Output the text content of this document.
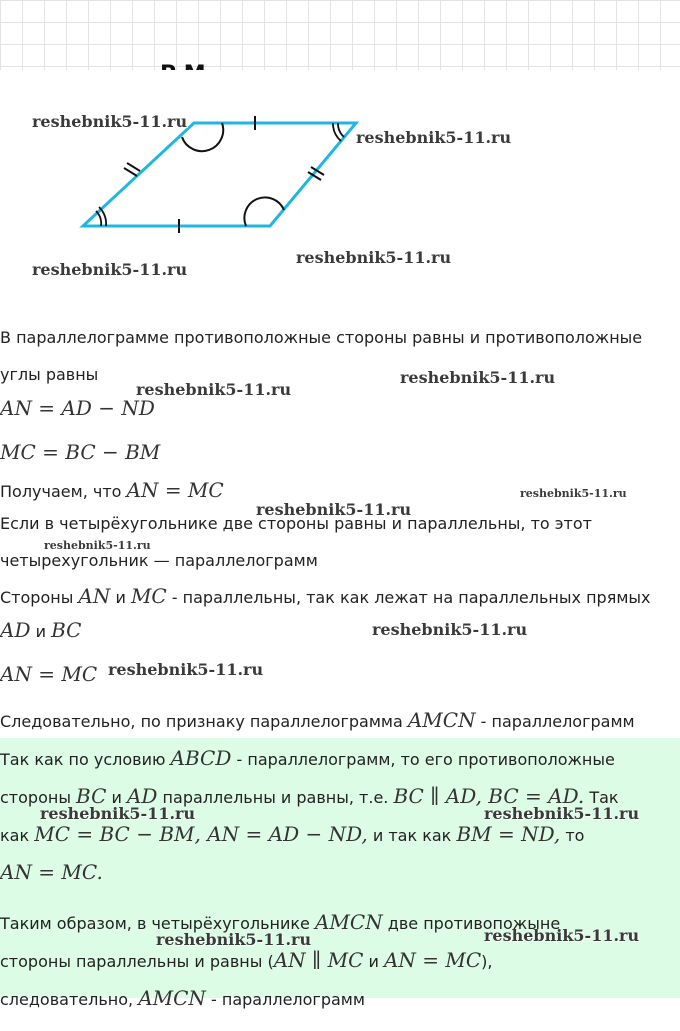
reshebnik5-11.ru
reshebnik5-11.ru
reshebnik5-11.ru
reshebnik5-11.ru
В параллелограмме противоположные стороны равны и противоположные
углы равны
reshebnik5-11.ru
reshebnik5-11.ru
AN = AD − ND
MC = BC − BM
Получаем, что AN = MC	reshebnik5-11.ru
reshebnik5-11.ru
Если в четырёхугольнике две стороны равны и параллельны, то этот
reshebnik5-11.ru
четырехугольник — параллелограмм
Стороны AN и MC - параллельны, так как лежат на параллельных прямых
AD и BC	reshebnik5-11.ru
AN = MC reshebnik5-11.ru
Следовательно, по признаку параллелограмма AMCN - параллелограмм
Так как по условию ABCD - параллелограмм, то его противоположные
стороны BC и AD параллельны и равны, т.е. BC ∥ AD, BC = AD. Так
reshebnik5-11.ru	reshebnik5-11.ru
как MC = BC − BM, AN = AD − ND, и так как BM = ND, то
AN = MC.
Таким образом, в четырёхугольнике AMCN две противопожыне
reshebnik5-11.ru	reshebnik5-11.ru
стороны параллельны и равны (AN ∥ MC и AN = MC),
следовательно, AMCN - параллелограмм
